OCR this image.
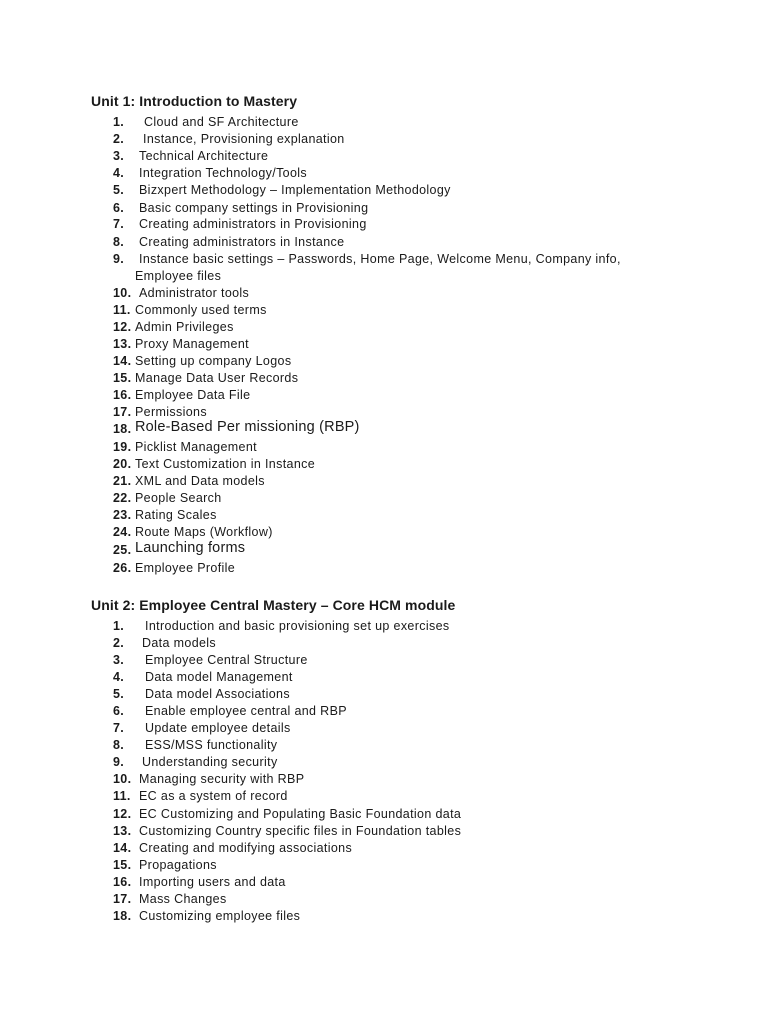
Unit 1: Introduction to Mastery
1. Cloud and SF Architecture
2. Instance, Provisioning explanation
3. Technical Architecture
4. Integration Technology/Tools
5. Bizxpert Methodology – Implementation Methodology
6. Basic company settings in Provisioning
7. Creating administrators in Provisioning
8. Creating administrators in Instance
9. Instance basic settings – Passwords, Home Page, Welcome Menu, Company info,
Employee files
10. Administrator tools
11. Commonly used terms
12. Admin Privileges
13. Proxy Management
14. Setting up company Logos
15. Manage Data User Records
16. Employee Data File
17. Permissions
18. Role-Based Per missioning (RBP)
19. Picklist Management
20. Text Customization in Instance
21. XML and Data models
22. People Search
23. Rating Scales
24. Route Maps (Workflow)
25. Launching forms
26. Employee Profile
Unit 2: Employee Central Mastery – Core HCM module
1. Introduction and basic provisioning set up exercises
2. Data models
3. Employee Central Structure
4. Data model Management
5. Data model Associations
6. Enable employee central and RBP
7. Update employee details
8. ESS/MSS functionality
9. Understanding security
10. Managing security with RBP
11. EC as a system of record
12. EC Customizing and Populating Basic Foundation data
13. Customizing Country specific files in Foundation tables
14. Creating and modifying associations
15. Propagations
16. Importing users and data
17. Mass Changes
18. Customizing employee files
